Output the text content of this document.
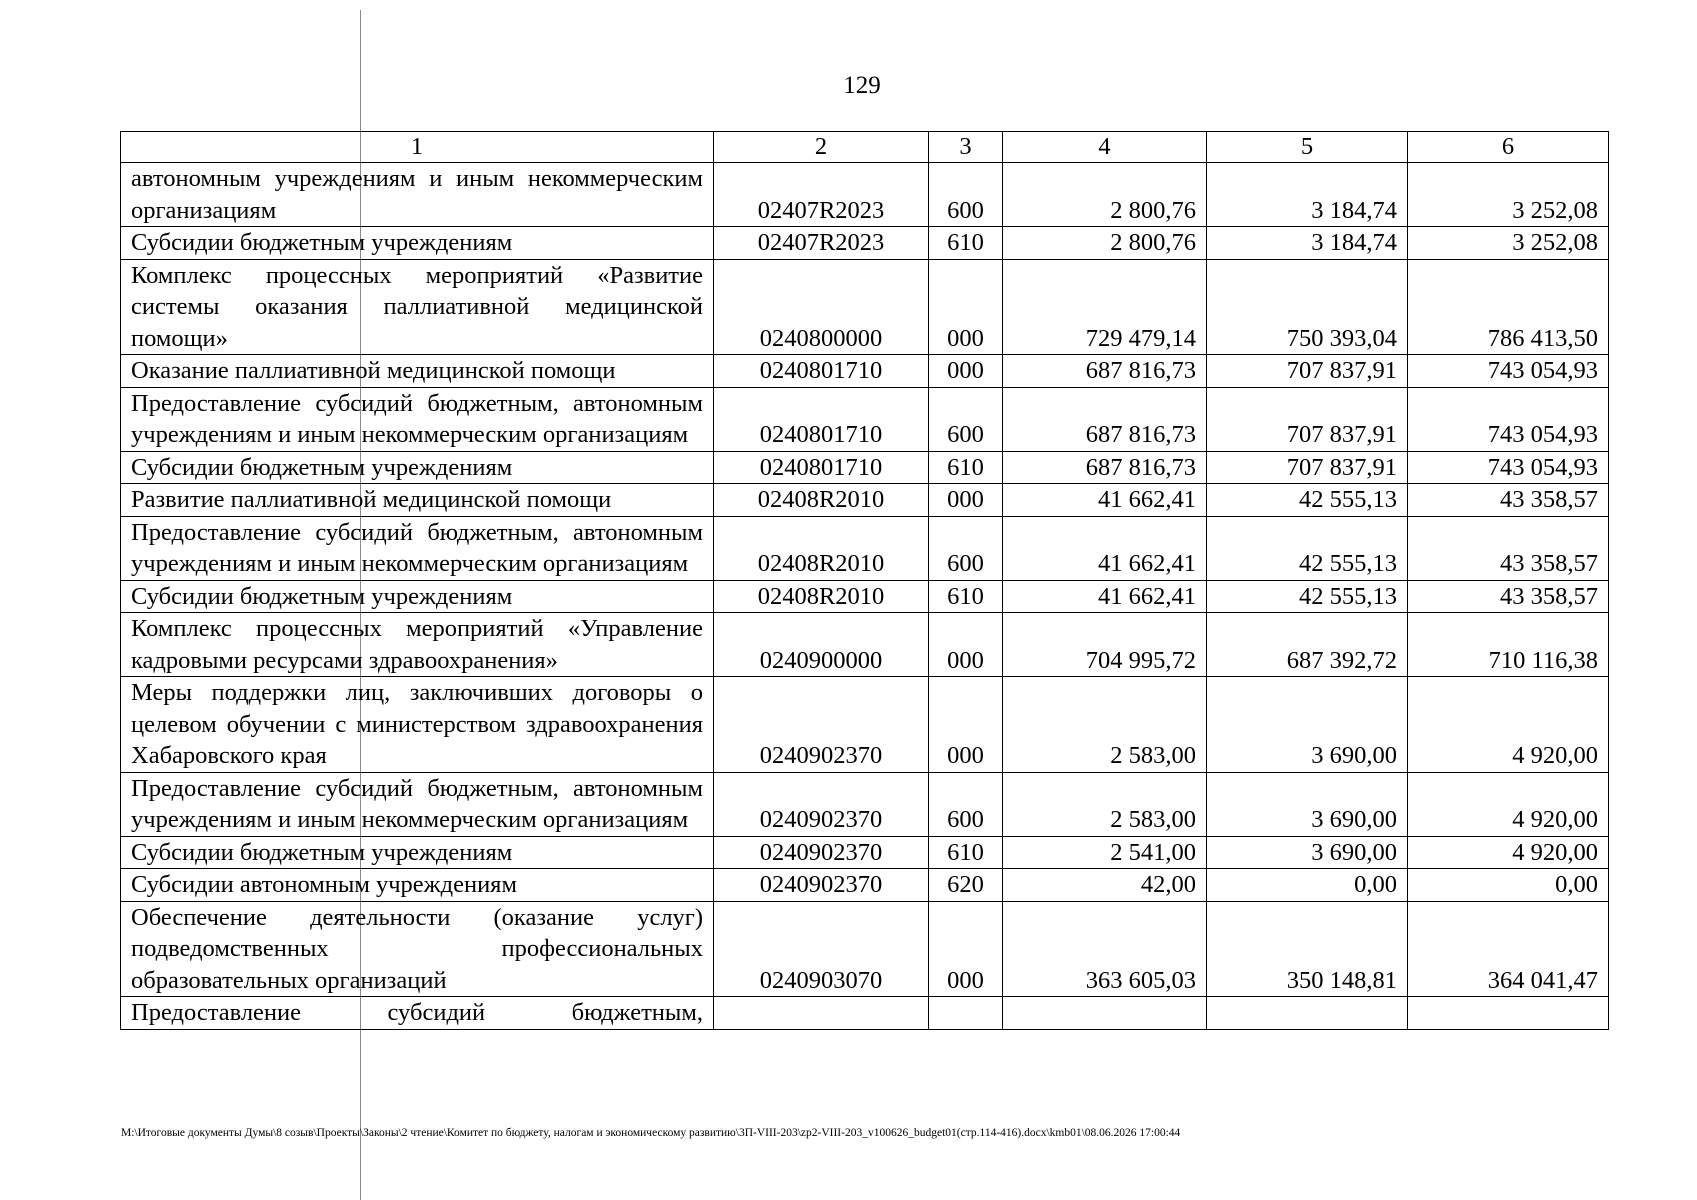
129
1	2	3	4	5	6
автономным учреждениям и иным некоммерческим организациям	02407R2023	600	2 800,76	3 184,74	3 252,08
Субсидии бюджетным учреждениям	02407R2023	610	2 800,76	3 184,74	3 252,08
Комплекс процессных мероприятий «Развитие системы оказания паллиативной медицинской помощи»	0240800000	000	729 479,14	750 393,04	786 413,50
Оказание паллиативной медицинской помощи	0240801710	000	687 816,73	707 837,91	743 054,93
Предоставление субсидий бюджетным, автономным учреждениям и иным некоммерческим организациям	0240801710	600	687 816,73	707 837,91	743 054,93
Субсидии бюджетным учреждениям	0240801710	610	687 816,73	707 837,91	743 054,93
Развитие паллиативной медицинской помощи	02408R2010	000	41 662,41	42 555,13	43 358,57
Предоставление субсидий бюджетным, автономным учреждениям и иным некоммерческим организациям	02408R2010	600	41 662,41	42 555,13	43 358,57
Субсидии бюджетным учреждениям	02408R2010	610	41 662,41	42 555,13	43 358,57
Комплекс процессных мероприятий «Управление кадровыми ресурсами здравоохранения»	0240900000	000	704 995,72	687 392,72	710 116,38
Меры поддержки лиц, заключивших договоры о целевом обучении с министерством здравоохранения Хабаровского края	0240902370	000	2 583,00	3 690,00	4 920,00
Предоставление субсидий бюджетным, автономным учреждениям и иным некоммерческим организациям	0240902370	600	2 583,00	3 690,00	4 920,00
Субсидии бюджетным учреждениям	0240902370	610	2 541,00	3 690,00	4 920,00
Субсидии автономным учреждениям	0240902370	620	42,00	0,00	0,00
Обеспечение деятельности (оказание услуг) подведомственных профессиональных образовательных организаций	0240903070	000	363 605,03	350 148,81	364 041,47
Предоставление субсидий бюджетным,					
M:\Итоговые документы Думы\8 созыв\Проекты\Законы\2 чтение\Комитет по бюджету, налогам и экономическому развитию\3П-VIII-203\zp2-VIII-203_v100626_budget01(стр.114-416).docx\kmb01\08.06.2026 17:00:44
